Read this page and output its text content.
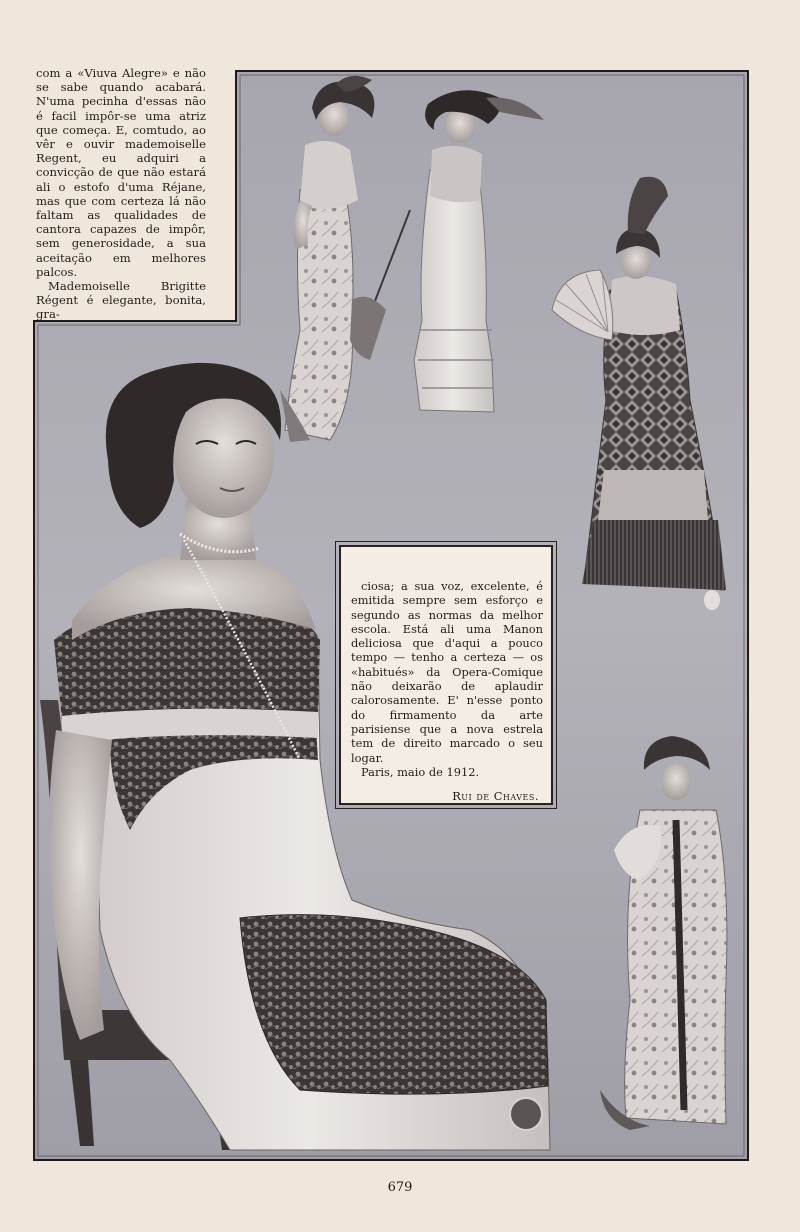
com a «Viuva Alegre» e não se sabe quando acabará. N'uma pecinha d'essas não é facil impôr-se uma atriz que começa. E, comtudo, ao vêr e ouvir mademoiselle Regent, eu adquiri a convicção de que não estará ali o estofo d'uma Réjane, mas que com certeza lá não faltam as qualidades de cantora capazes de impôr, sem generosidade, a sua aceitação em melhores palcos.

Mademoiselle Brigitte Régent é elegante, bonita, gra-

ciosa; a sua voz, excelente, é emitida sempre sem esforço e segundo as normas da melhor escola. Está ali uma Manon deliciosa que d'aqui a pouco tempo — tenho a certeza — os «habitués» da Opera-Comique não deixarão de aplaudir calorosamente. E' n'esse ponto do firmamento da arte parisiense que a nova estrela tem de direito marcado o seu logar.

Paris, maio de 1912.

Rui de Chaves.

679
